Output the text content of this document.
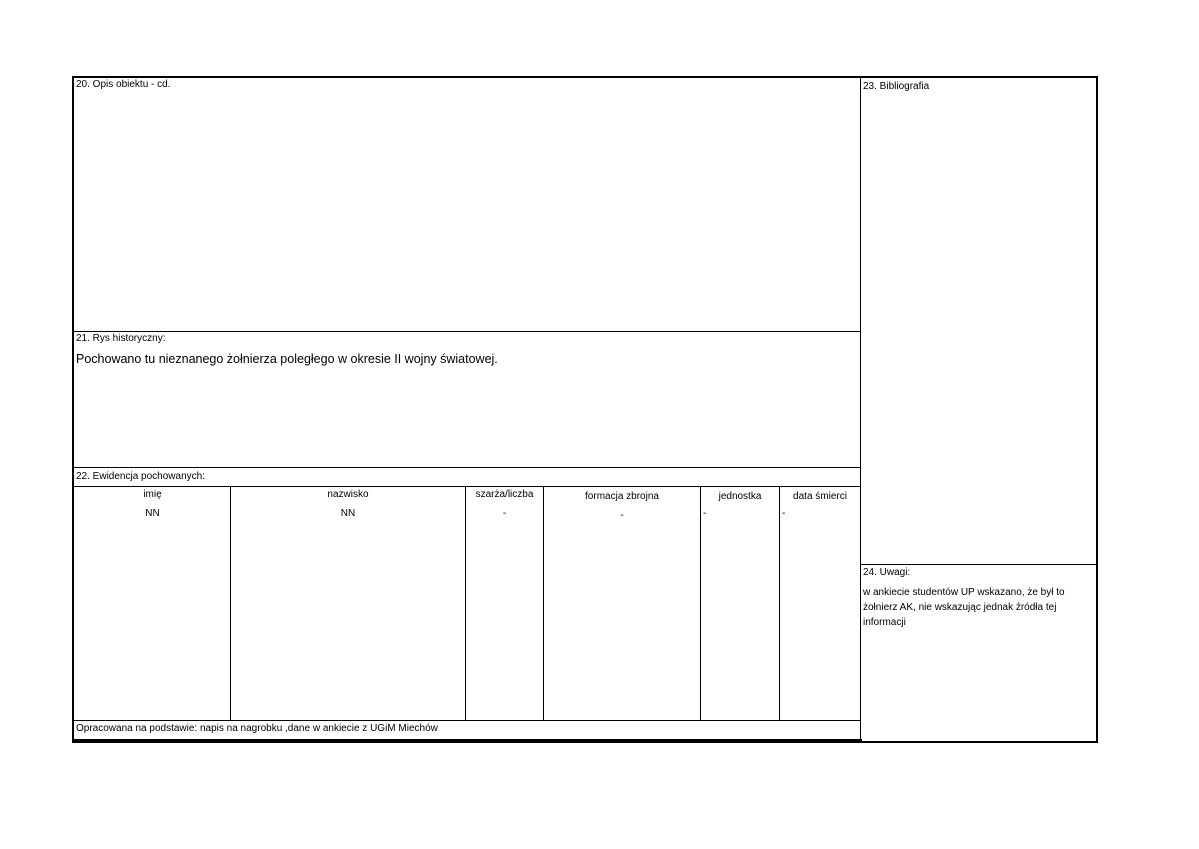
20. Opis obiektu - cd.
21. Rys historyczny:
Pochowano tu nieznanego żołnierza poległego w okresie II wojny światowej.
22. Ewidencja pochowanych:
23. Bibliografia
24. Uwagi:
w ankiecie studentów UP wskazano, że był to żołnierz AK, nie wskazując jednak źródła tej informacji
imię	nazwisko	szarża/liczba	formacja zbrojna	jednostka	data śmierci
NN	NN	-	-	-	-
Opracowana na podstawie: napis na nagrobku ,dane w ankiecie z UGiM Miechów
